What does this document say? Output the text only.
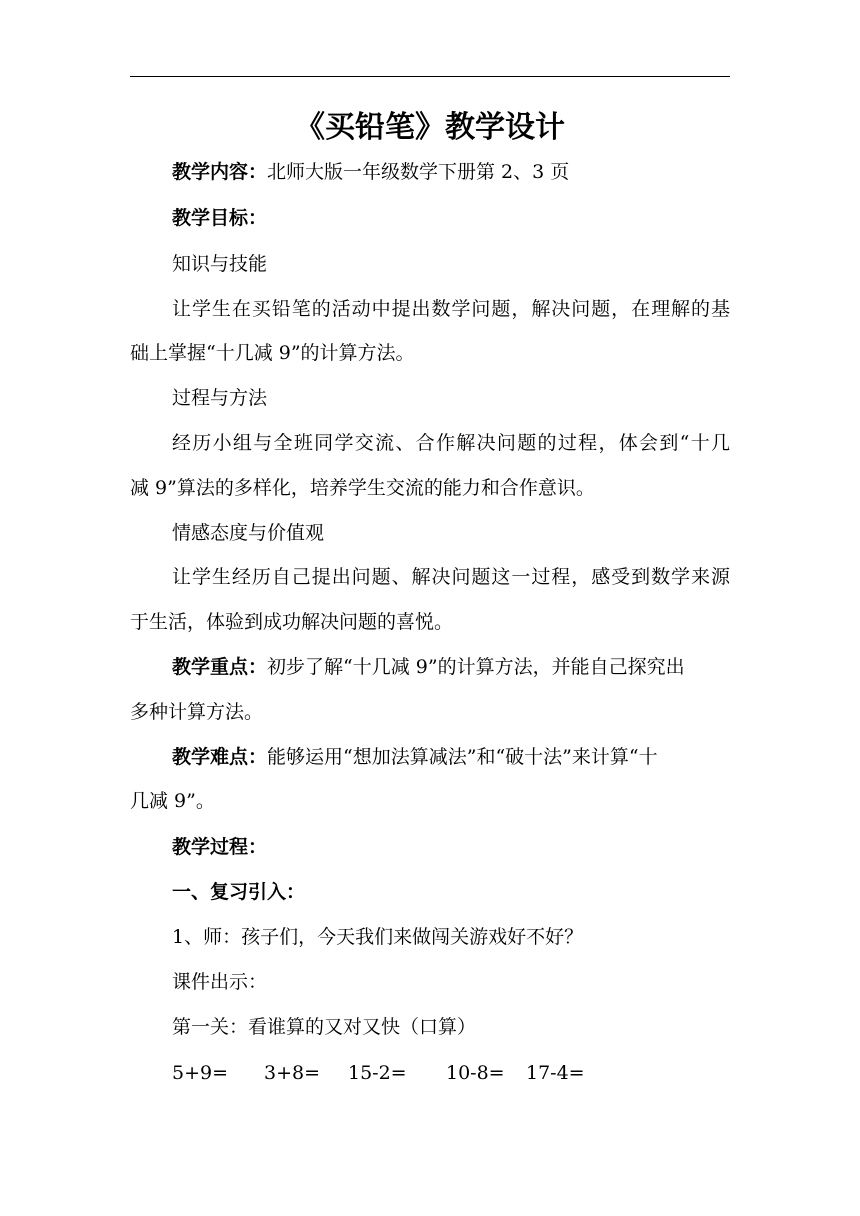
《买铅笔》教学设计
教学内容：北师大版一年级数学下册第 2、3 页
教学目标：
知识与技能
让学生在买铅笔的活动中提出数学问题，解决问题，在理解的基
础上掌握“十几减 9”的计算方法。
过程与方法
经历小组与全班同学交流、合作解决问题的过程，体会到“十几
减 9”算法的多样化，培养学生交流的能力和合作意识。
情感态度与价值观
让学生经历自己提出问题、解决问题这一过程，感受到数学来源
于生活，体验到成功解决问题的喜悦。
教学重点：初步了解“十几减 9”的计算方法，并能自己探究出
多种计算方法。
教学难点：能够运用“想加法算减法”和“破十法”来计算“十
几减 9”。
教学过程：
一、复习引入：
1、师：孩子们，今天我们来做闯关游戏好不好？
课件出示：
第一关：看谁算的又对又快（口算）
5+9= 3+8= 15-2= 10-8= 17-4=
